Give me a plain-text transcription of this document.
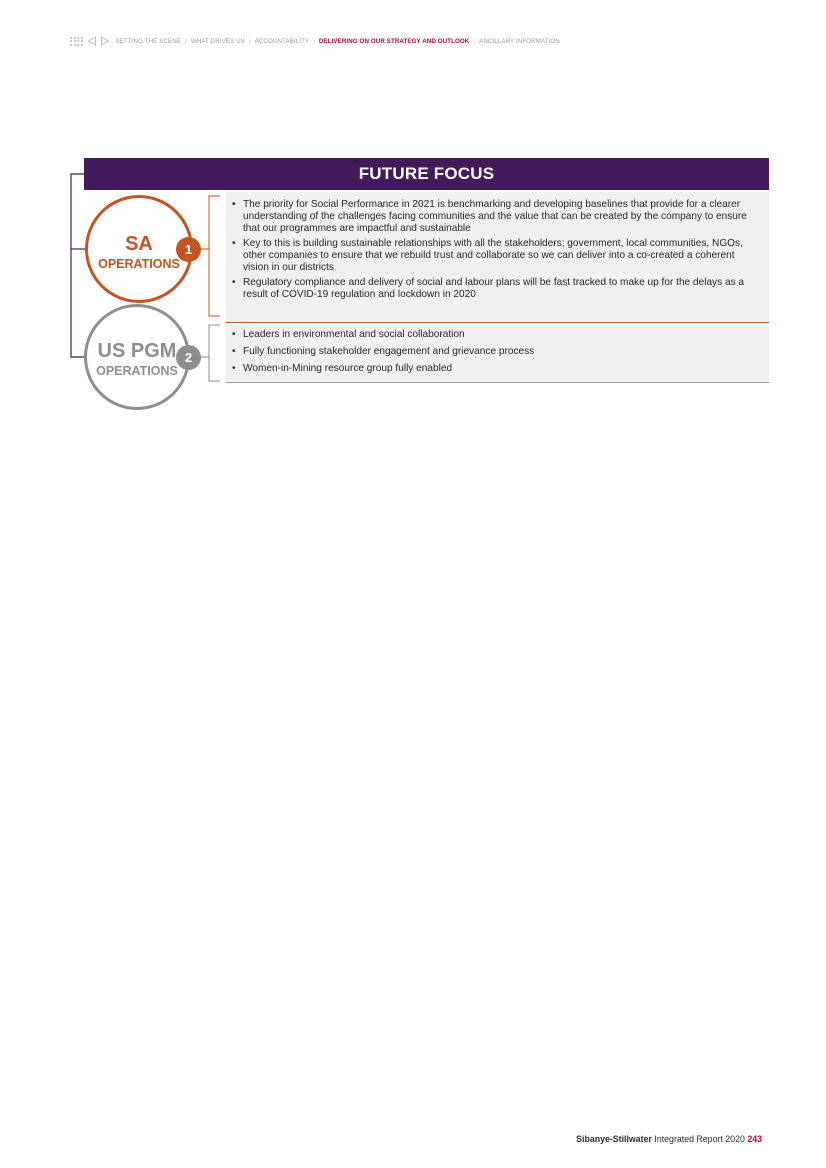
SETTING THE SCENE | WHAT DRIVES US | ACCOUNTABILITY | DELIVERING ON OUR STRATEGY AND OUTLOOK | ANCILLARY INFORMATION
FUTURE FOCUS
SA
OPERATIONS
1
• The priority for Social Performance in 2021 is benchmarking and developing baselines that provide for a clearer understanding of the challenges facing communities and the value that can be created by the company to ensure that our programmes are impactful and sustainable
• Key to this is building sustainable relationships with all the stakeholders; government, local communities, NGOs, other companies to ensure that we rebuild trust and collaborate so we can deliver into a co-created a coherent vision in our districts
• Regulatory compliance and delivery of social and labour plans will be fast tracked to make up for the delays as a result of COVID-19 regulation and lockdown in 2020
US PGM
OPERATIONS
2
• Leaders in environmental and social collaboration
• Fully functioning stakeholder engagement and grievance process
• Women-in-Mining resource group fully enabled
Sibanye-Stillwater Integrated Report 2020 243
